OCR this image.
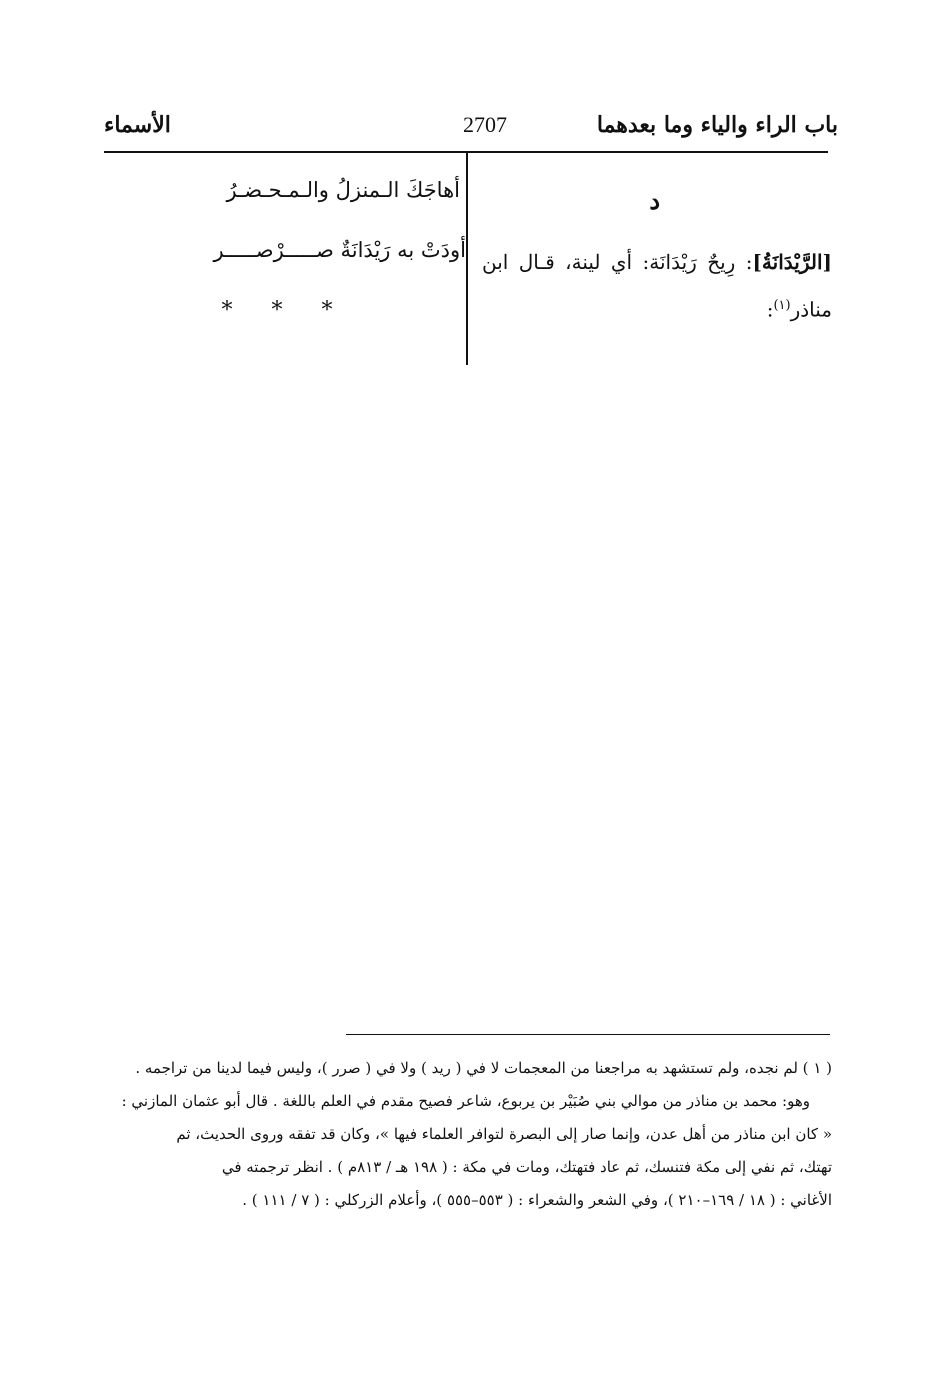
باب الراء والياء وما بعدهما
2707
الأسماء
د
[الرَّيْدَانَةُ]: رِيحٌ رَيْدَانَة: أي لينة، قـال ابن مناذر$^{(١)}$:
أهاجَكَ الـمنزلُ والـمـحـضـرُ
أودَتْ به رَيْدَانَةٌ صـــــرْصـــــر
* * *

( ١ ) لم نجده، ولم تستشهد به مراجعنا من المعجمات لا في ( ريد ) ولا في ( صرر )، وليس فيما لدينا من تراجمه .

وهو: محمد بن مناذر من موالي بني صُبَيْر بن يربوع، شاعر فصيح مقدم في العلم باللغة . قال أبو عثمان المازني :

« كان ابن مناذر من أهل عدن، وإنما صار إلى البصرة لتوافر العلماء فيها »، وكان قد تفقه وروى الحديث، ثم

تهتك، ثم نفي إلى مكة فتنسك، ثم عاد فتهتك، ومات في مكة : ( ١٩٨ هـ / ٨١٣م ) . انظر ترجمته في

الأغاني : ( ١٨ / ١٦٩–٢١٠ )، وفي الشعر والشعراء : ( ٥٥٣–٥٥٥ )، وأعلام الزركلي : ( ٧ / ١١١ ) .
